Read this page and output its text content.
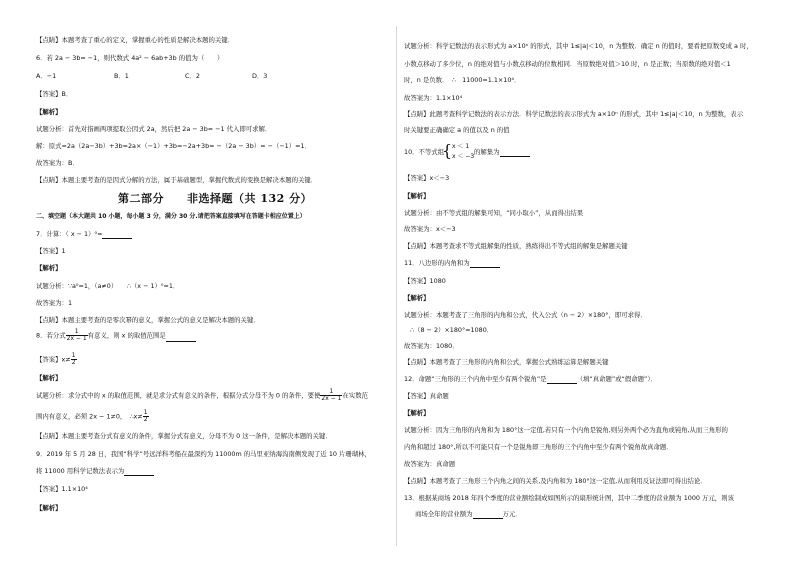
【点睛】本题考查了重心的定义，掌握重心的性质是解决本题的关键．
6．若 2a − 3b= −1，则代数式 4a² − 6ab+3b 的值为（　　）
A．−1	B．1	C．2	D．3
【答案】B．
【解析】
试题分析：首先对指画两项提取公因式 2a，然后把 2a − 3b= −1 代入即可求解．
解：原式=2a（2a−3b）+3b=2a×（−1）+3b=−2a+3b= −（2a − 3b）= −（−1）=1．
故答案为：B．
【点睛】本题主要考查的是因式分解的方法，属于基础题型，掌握代数式的变换是解决本题的关键．
第二部分　　非选择题（共 132 分）
二、填空题（本大题共 10 小题，每小题 3 分，满分 30 分.请把答案直接填写在答题卡相应位置上）
7．计算：（ x − 1）⁰=
【答案】1
【解析】
试题分析：∵a⁰=1，（a≠0）　　∴（x − 1）⁰=1．
故答案为：1
【点睛】本题主要考查的是零次幂的意义，掌握公式的意义是解决本题的关键．
8．若分式 $\frac{1}{2x - 1}$ 有意义，则 x 的取值范围是
【答案】$x\ne \frac{1}{2}$
【解析】
试题分析：求分式中的 x 的取值范围，就是求分式有意义的条件，根据分式分母不为 0 的条件，要使 $\frac{1}{2x - 1}$ 在实数范
围内有意义，必须 2x − 1≠0，　∴x≠ $\frac{1}{2}$
【点睛】本题主要考查分式有意义的条件，掌握分式有意义，分母不为 0 这一条件，是解决本题的关键．
9．2019 年 5 月 28 日，我国“科学”号远洋科考船在最深约为 11000m 的马里亚纳海沟南侧发现了近 10 片珊瑚林，
将 11000 用科学记数法表示为
【答案】1.1×10⁴
【解析】
试题分析：科学记数法的表示形式为 a×10ⁿ 的形式，其中 1≤|a|＜10，n 为整数．确定 n 的值时，要看把原数变成 a 时，
小数点移动了多少位，n 的绝对值与小数点移动的位数相同．当原数绝对值＞10 时，n 是正数；当原数的绝对值＜1
时，n 是负数．　∴　11000=1.1×10⁴．
故答案为：1.1×10⁴
【点睛】此题考查科学记数法的表示方法．科学记数法的表示形式为 a×10ⁿ 的形式，其中 1≤|a|＜10，n 为整数，表示
时关键要正确确定 a 的值以及 n 的值
10．不等式组
{ x ＜ 1
x ＜ −3
的解集为
【答案】x＜−3
【解析】
试题分析：由不等式组的解集可知，“同小取小”，从而得出结果
故答案为：x＜−3
【点睛】本题考查求不等式组解集的性质，熟练得出不等式组的解集是解题关键
11．八边形的内角和为
【答案】1080
【解析】
试题分析：本题考查了三角形的内角和公式，代入公式（n − 2）×180°，即可求得．
∴（8 − 2）×180°=1080．
故答案为：1080．
【点睛】本题考查了三角形的内角和公式，掌握公式熟练运算是解题关键
12．命题“三角形的三个内角中至少有两个锐角”是	（填“真命题”或“假命题”）．
【答案】真命题
【解析】
试题分析：因为三角形的内角和为 180°这一定值,若只有一个内角是锐角,则另外两个必为直角或钝角,从而三角形的
内角和超过 180°,所以不可能只有一个是锐角即三角形的三个内角中至少有两个锐角故真命题．
故答案为：真命题
【点睛】本题考查了三角形三个内角之间的关系,及内角和为 180°这一定值,从而利用反证法即可得出结论．
13．根据某商场 2018 年四个季度的营业额绘制成如图所示的扇形统计图，其中二季度的营业额为 1000 万元，则该
商场全年的营业额为	万元．
